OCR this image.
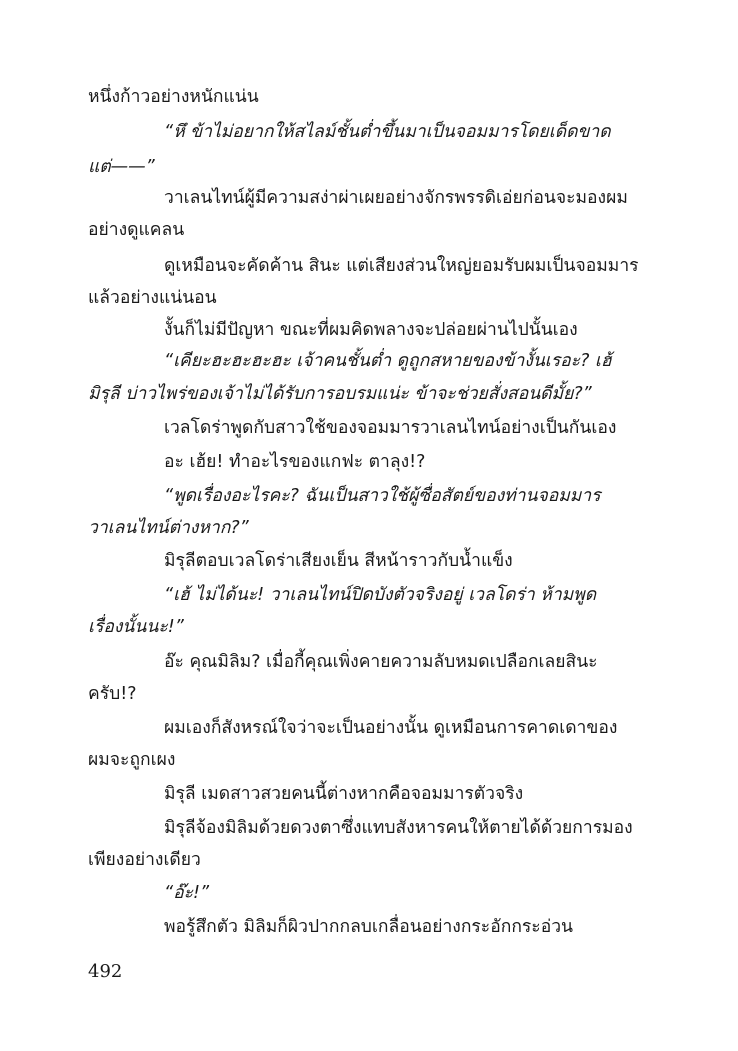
หนึ่งก้าวอย่างหนักแน่น
“หึ ข้าไม่อยากให้สไลม์ชั้นต่ำขึ้นมาเป็นจอมมารโดยเด็ดขาด
แต่——”
วาเลนไทน์ผู้มีความสง่าผ่าเผยอย่างจักรพรรดิเอ่ยก่อนจะมองผม
อย่างดูแคลน
ดูเหมือนจะคัดค้าน สินะ แต่เสียงส่วนใหญ่ยอมรับผมเป็นจอมมาร
แล้วอย่างแน่นอน
งั้นก็ไม่มีปัญหา ขณะที่ผมคิดพลางจะปล่อยผ่านไปนั้นเอง
“เคียะฮะฮะฮะฮะ เจ้าคนชั้นต่ำ ดูถูกสหายของข้างั้นเรอะ? เฮ้
มิรุลี บ่าวไพร่ของเจ้าไม่ได้รับการอบรมแน่ะ ข้าจะช่วยสั่งสอนดีมั้ย?”
เวลโดร่าพูดกับสาวใช้ของจอมมารวาเลนไทน์อย่างเป็นกันเอง
อะ เฮ้ย! ทำอะไรของแกฟะ ตาลุง!?
“พูดเรื่องอะไรคะ? ฉันเป็นสาวใช้ผู้ซื่อสัตย์ของท่านจอมมาร
วาเลนไทน์ต่างหาก?”
มิรุลีตอบเวลโดร่าเสียงเย็น สีหน้าราวกับน้ำแข็ง
“เฮ้ ไม่ได้นะ! วาเลนไทน์ปิดบังตัวจริงอยู่ เวลโดร่า ห้ามพูด
เรื่องนั้นนะ!”
อ๊ะ คุณมิลิม? เมื่อกี้คุณเพิ่งคายความลับหมดเปลือกเลยสินะ
ครับ!?
ผมเองก็สังหรณ์ใจว่าจะเป็นอย่างนั้น ดูเหมือนการคาดเดาของ
ผมจะถูกเผง
มิรุลี เมดสาวสวยคนนี้ต่างหากคือจอมมารตัวจริง
มิรุลีจ้องมิลิมด้วยดวงตาซึ่งแทบสังหารคนให้ตายได้ด้วยการมอง
เพียงอย่างเดียว
“อ๊ะ!”
พอรู้สึกตัว มิลิมก็ผิวปากกลบเกลื่อนอย่างกระอักกระอ่วน
492
